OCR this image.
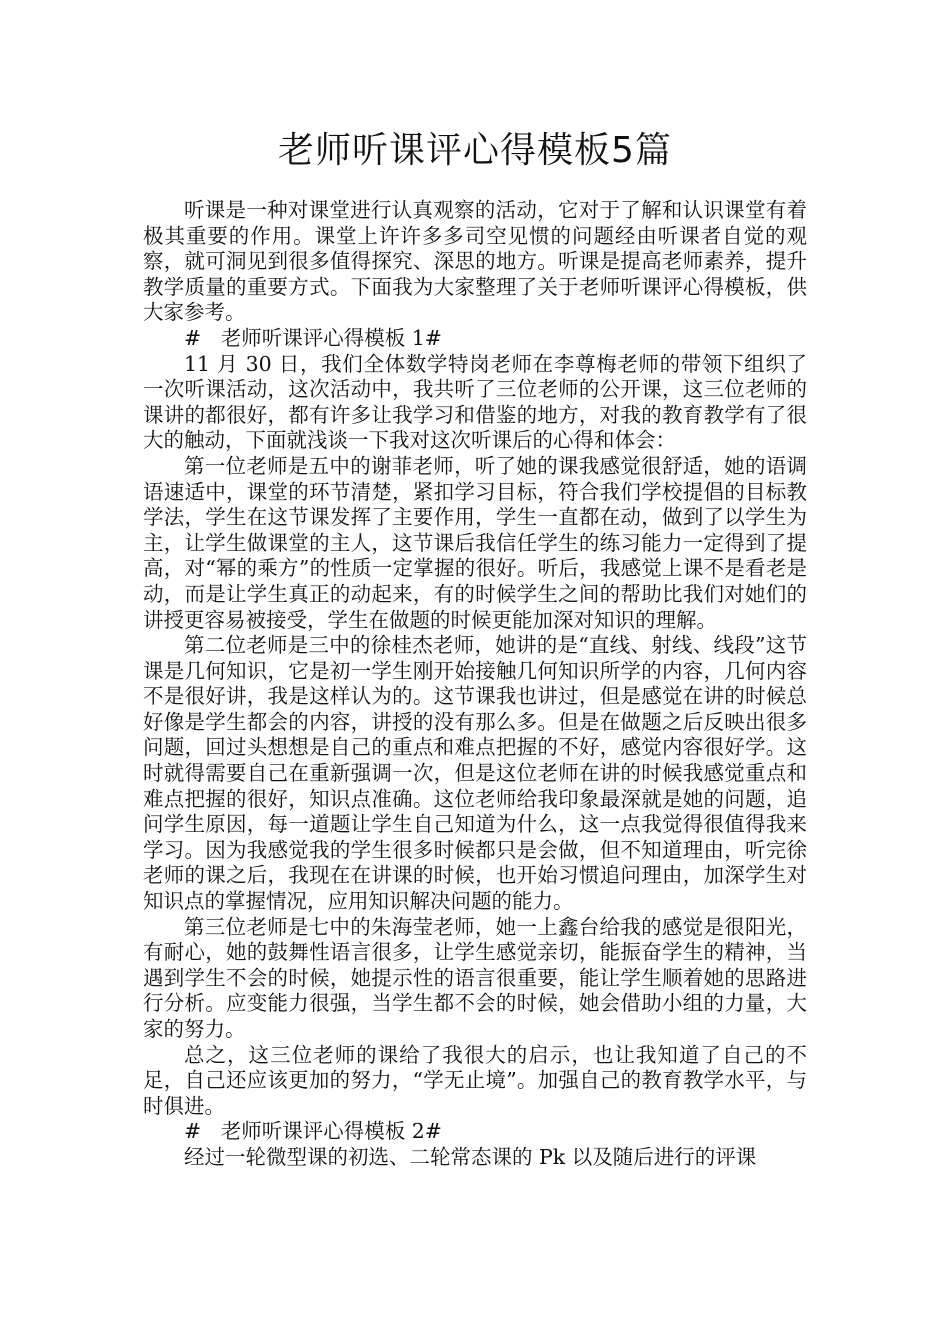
老师听课评心得模板5篇

听课是一种对课堂进行认真观察的活动，它对于了解和认识课堂有着极其重要的作用。课堂上许许多多司空见惯的问题经由听课者自觉的观察，就可洞见到很多值得探究、深思的地方。听课是提高老师素养，提升教学质量的重要方式。下面我为大家整理了关于老师听课评心得模板，供大家参考。

#   老师听课评心得模板 1#

11 月 30 日，我们全体数学特岗老师在李尊梅老师的带领下组织了一次听课活动，这次活动中，我共听了三位老师的公开课，这三位老师的课讲的都很好，都有许多让我学习和借鉴的地方，对我的教育教学有了很大的触动，下面就浅谈一下我对这次听课后的心得和体会：

第一位老师是五中的谢菲老师，听了她的课我感觉很舒适，她的语调语速适中，课堂的环节清楚，紧扣学习目标，符合我们学校提倡的目标教学法，学生在这节课发挥了主要作用，学生一直都在动，做到了以学生为主，让学生做课堂的主人，这节课后我信任学生的练习能力一定得到了提高，对“幂的乘方”的性质一定掌握的很好。听后，我感觉上课不是看老是动，而是让学生真正的动起来，有的时候学生之间的帮助比我们对她们的讲授更容易被接受，学生在做题的时候更能加深对知识的理解。

第二位老师是三中的徐桂杰老师，她讲的是“直线、射线、线段”这节课是几何知识，它是初一学生刚开始接触几何知识所学的内容，几何内容不是很好讲，我是这样认为的。这节课我也讲过，但是感觉在讲的时候总好像是学生都会的内容，讲授的没有那么多。但是在做题之后反映出很多问题，回过头想想是自己的重点和难点把握的不好，感觉内容很好学。这时就得需要自己在重新强调一次，但是这位老师在讲的时候我感觉重点和难点把握的很好，知识点准确。这位老师给我印象最深就是她的问题，追问学生原因，每一道题让学生自己知道为什么，这一点我觉得很值得我来学习。因为我感觉我的学生很多时候都只是会做，但不知道理由，听完徐老师的课之后，我现在在讲课的时候，也开始习惯追问理由，加深学生对知识点的掌握情况，应用知识解决问题的能力。

第三位老师是七中的朱海莹老师，她一上鑫台给我的感觉是很阳光，有耐心，她的鼓舞性语言很多，让学生感觉亲切，能振奋学生的精神，当遇到学生不会的时候，她提示性的语言很重要，能让学生顺着她的思路进行分析。应变能力很强，当学生都不会的时候，她会借助小组的力量，大家的努力。

总之，这三位老师的课给了我很大的启示，也让我知道了自己的不足，自己还应该更加的努力，“学无止境”。加强自己的教育教学水平，与时俱进。

#   老师听课评心得模板 2#

经过一轮微型课的初选、二轮常态课的 Pk 以及随后进行的评课
